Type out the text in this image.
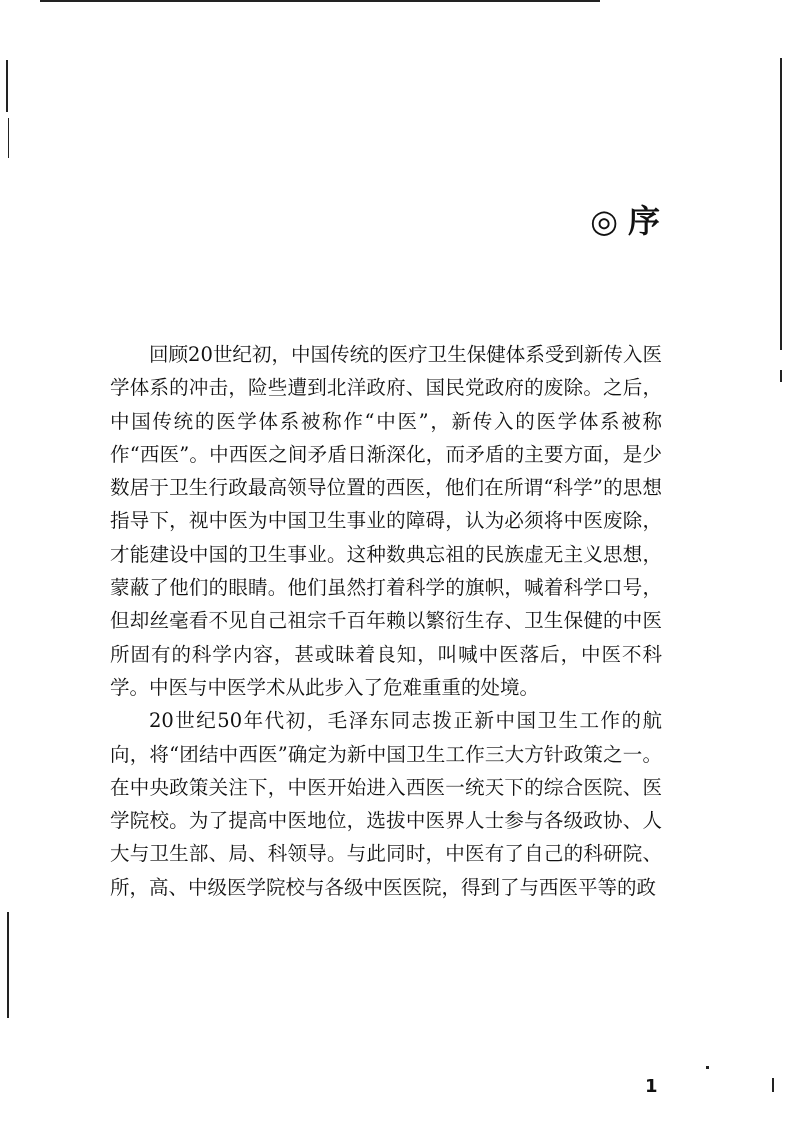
◎ 序

回顾20世纪初，中国传统的医疗卫生保健体系受到新传入医学体系的冲击，险些遭到北洋政府、国民党政府的废除。之后，中国传统的医学体系被称作“中医”，新传入的医学体系被称作“西医”。中西医之间矛盾日渐深化，而矛盾的主要方面，是少数居于卫生行政最高领导位置的西医，他们在所谓“科学”的思想指导下，视中医为中国卫生事业的障碍，认为必须将中医废除，才能建设中国的卫生事业。这种数典忘祖的民族虚无主义思想，蒙蔽了他们的眼睛。他们虽然打着科学的旗帜，喊着科学口号，但却丝毫看不见自己祖宗千百年赖以繁衍生存、卫生保健的中医所固有的科学内容，甚或昧着良知，叫喊中医落后，中医不科学。中医与中医学术从此步入了危难重重的处境。

20世纪50年代初，毛泽东同志拨正新中国卫生工作的航向，将“团结中西医”确定为新中国卫生工作三大方针政策之一。在中央政策关注下，中医开始进入西医一统天下的综合医院、医学院校。为了提高中医地位，选拔中医界人士参与各级政协、人大与卫生部、局、科领导。与此同时，中医有了自己的科研院、所，高、中级医学院校与各级中医医院，得到了与西医平等的政

1
